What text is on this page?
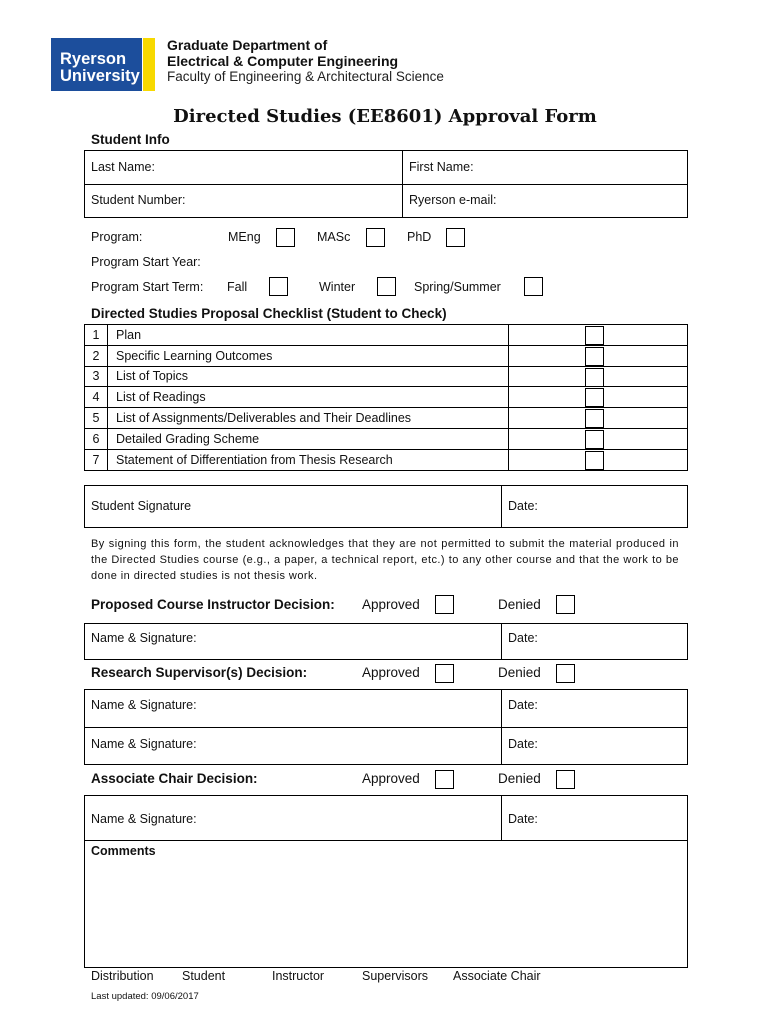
Ryerson
University
Graduate Department of
Electrical & Computer Engineering
Faculty of Engineering & Architectural Science
Directed Studies (EE8601) Approval Form
Student Info
Last Name:	First Name:
Student Number:	Ryerson e-mail:
Program:	MEng	MASc	PhD
Program Start Year:
Program Start Term: Fall	Winter	Spring/Summer
Directed Studies Proposal Checklist (Student to Check)
1	Plan	

2	Specific Learning Outcomes	

3	List of Topics	

4	List of Readings	

5	List of Assignments/Deliverables and Their Deadlines	

6	Detailed Grading Scheme	

7	Statement of Differentiation from Thesis Research	
Student Signature	Date:
By signing this form, the student acknowledges that they are not permitted to submit the material produced in the Directed Studies course (e.g., a paper, a technical report, etc.) to any other course and that the work to be done in directed studies is not thesis work.
Proposed Course Instructor Decision: Approved	Denied
Name & Signature:	Date:
Research Supervisor(s) Decision:	Approved	Denied
Name & Signature:	Date:
Name & Signature:	Date:
Associate Chair Decision:	Approved	Denied
Name & Signature:	Date:
Comments
Distribution Student	Instructor	Supervisors Associate Chair
Last updated: 09/06/2017
